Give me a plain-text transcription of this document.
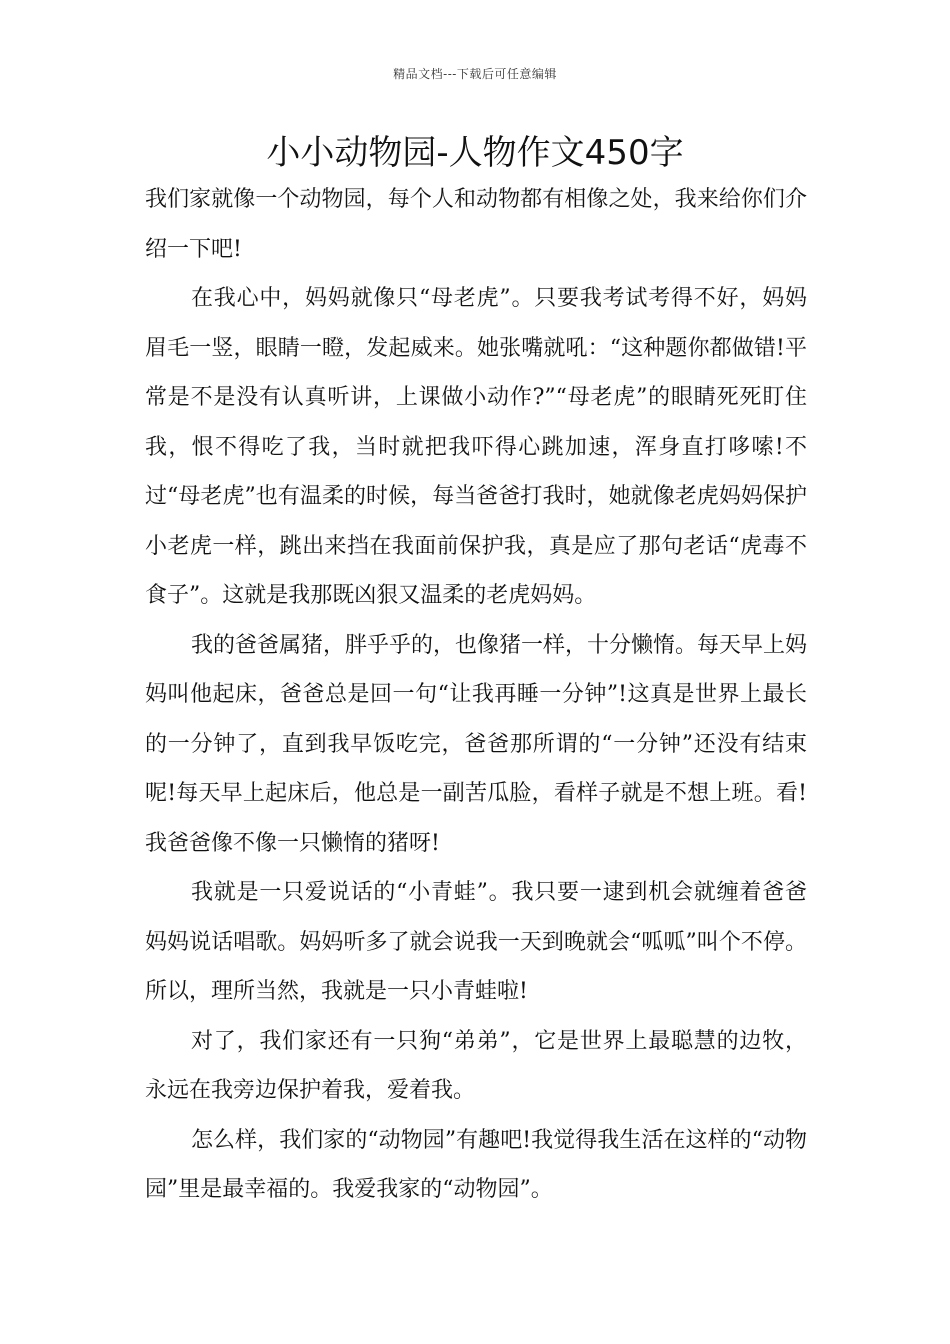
精品文档---下载后可任意编辑
小小动物园-人物作文450字

我们家就像一个动物园，每个人和动物都有相像之处，我来给你们介绍一下吧!

在我心中，妈妈就像只“母老虎”。只要我考试考得不好，妈妈眉毛一竖，眼睛一瞪，发起威来。她张嘴就吼：“这种题你都做错!平常是不是没有认真听讲，上课做小动作?”“母老虎”的眼睛死死盯住我，恨不得吃了我，当时就把我吓得心跳加速，浑身直打哆嗦!不过“母老虎”也有温柔的时候，每当爸爸打我时，她就像老虎妈妈保护小老虎一样，跳出来挡在我面前保护我，真是应了那句老话“虎毒不食子”。这就是我那既凶狠又温柔的老虎妈妈。

我的爸爸属猪，胖乎乎的，也像猪一样，十分懒惰。每天早上妈妈叫他起床，爸爸总是回一句“让我再睡一分钟”!这真是世界上最长的一分钟了，直到我早饭吃完，爸爸那所谓的“一分钟”还没有结束呢!每天早上起床后，他总是一副苦瓜脸，看样子就是不想上班。看!我爸爸像不像一只懒惰的猪呀!

我就是一只爱说话的“小青蛙”。我只要一逮到机会就缠着爸爸妈妈说话唱歌。妈妈听多了就会说我一天到晚就会“呱呱”叫个不停。所以，理所当然，我就是一只小青蛙啦!

对了，我们家还有一只狗“弟弟”，它是世界上最聪慧的边牧，永远在我旁边保护着我，爱着我。

怎么样，我们家的“动物园”有趣吧!我觉得我生活在这样的“动物园”里是最幸福的。我爱我家的“动物园”。
